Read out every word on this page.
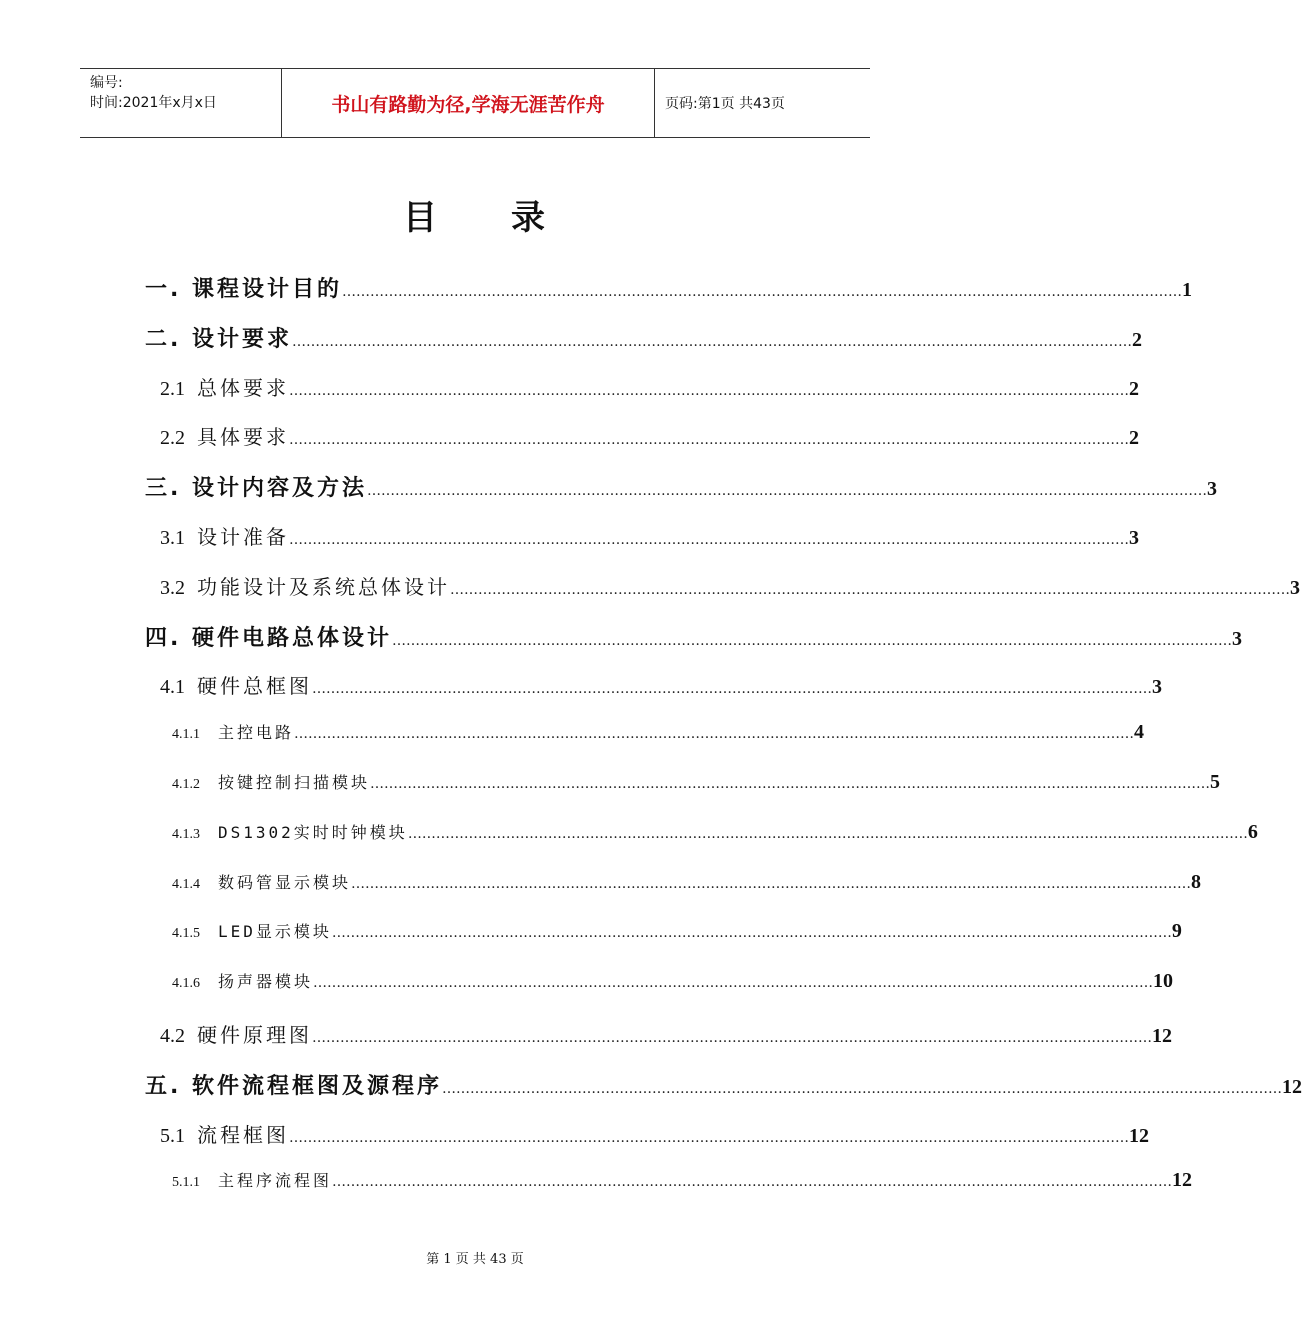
编号:
时间:2021年x月x日	书山有路勤为径,学海无涯苦作舟	页码:第1页 共43页
目 录
一. 课程设计目的 ……………………………………………………………………………………………………………………………………………………………… 1
二. 设计要求 ……………………………………………………………………………………………………………………………………………………………… 2
2.1 总体要求 ……………………………………………………………………………………………………………………………………………………………… 2
2.2 具体要求 ……………………………………………………………………………………………………………………………………………………………… 2
三. 设计内容及方法 ……………………………………………………………………………………………………………………………………………………………… 3
3.1 设计准备 ……………………………………………………………………………………………………………………………………………………………… 3
3.2 功能设计及系统总体设计 ……………………………………………………………………………………………………………………………………………………………… 3
四. 硬件电路总体设计 ……………………………………………………………………………………………………………………………………………………………… 3
4.1 硬件总框图 ……………………………………………………………………………………………………………………………………………………………… 3
4.1.1 主控电路 ……………………………………………………………………………………………………………………………………………………………… 4
4.1.2 按键控制扫描模块 ……………………………………………………………………………………………………………………………………………………………… 5
4.1.3 DS1302实时时钟模块 ……………………………………………………………………………………………………………………………………………………………… 6
4.1.4 数码管显示模块 ……………………………………………………………………………………………………………………………………………………………… 8
4.1.5 LED显示模块 ……………………………………………………………………………………………………………………………………………………………… 9
4.1.6 扬声器模块 ……………………………………………………………………………………………………………………………………………………………… 10
4.2 硬件原理图 ……………………………………………………………………………………………………………………………………………………………… 12
五. 软件流程框图及源程序 ……………………………………………………………………………………………………………………………………………………………… 12
5.1 流程框图 ……………………………………………………………………………………………………………………………………………………………… 12
5.1.1 主程序流程图 ……………………………………………………………………………………………………………………………………………………………… 12
第 1 页 共 43 页
